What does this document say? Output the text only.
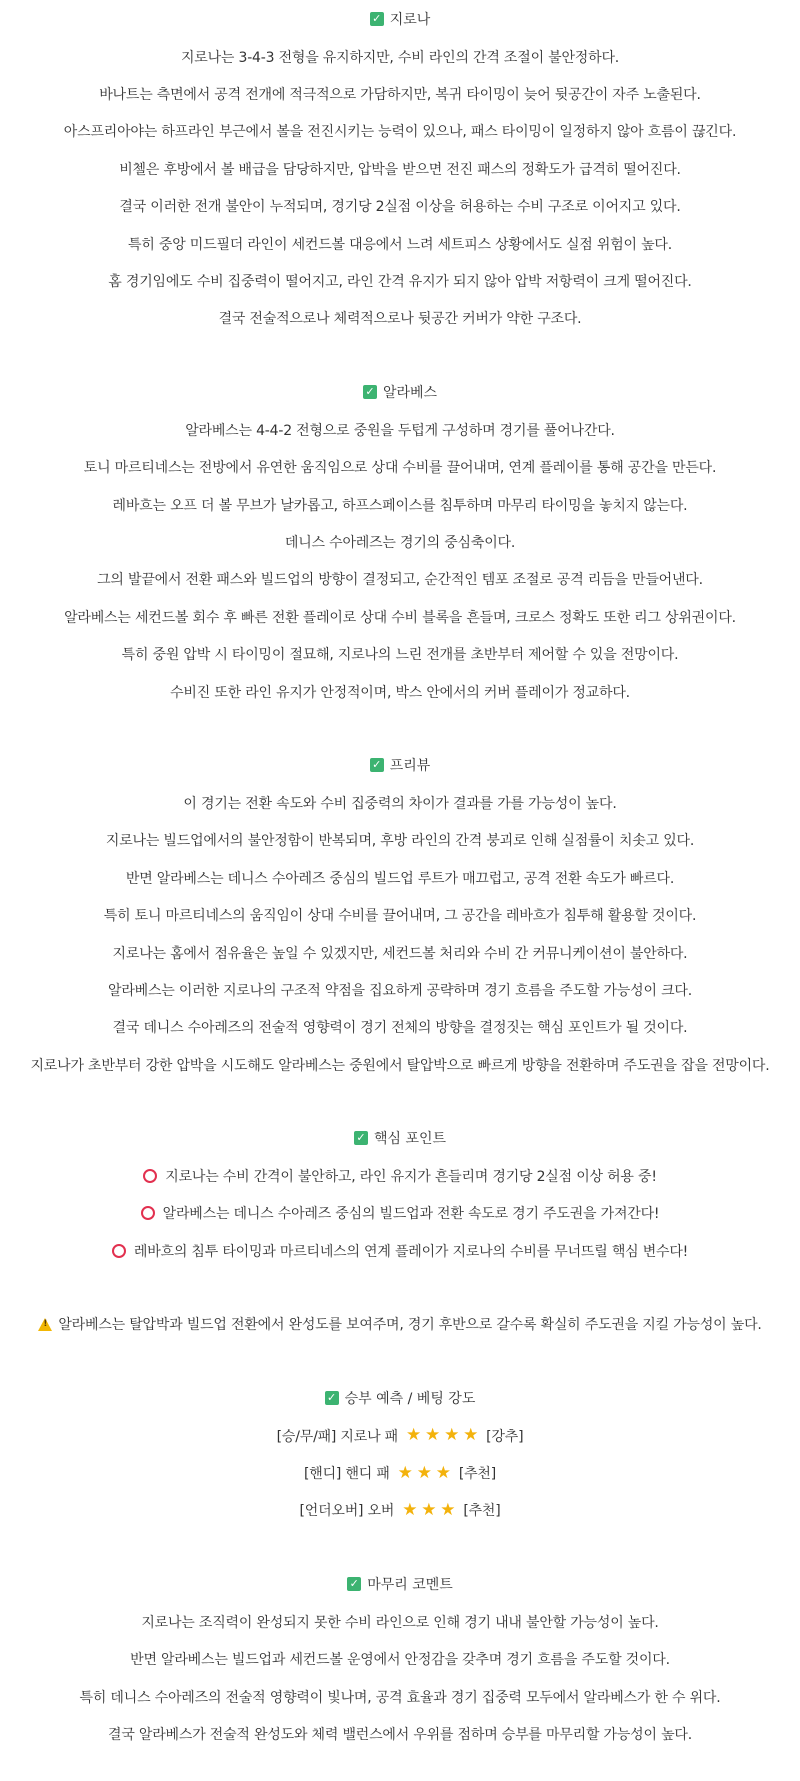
✓ 지로나
지로나는 3-4-3 전형을 유지하지만, 수비 라인의 간격 조절이 불안정하다.
바나트는 측면에서 공격 전개에 적극적으로 가담하지만, 복귀 타이밍이 늦어 뒷공간이 자주 노출된다.
아스프리아야는 하프라인 부근에서 볼을 전진시키는 능력이 있으나, 패스 타이밍이 일정하지 않아 흐름이 끊긴다.
비첼은 후방에서 볼 배급을 담당하지만, 압박을 받으면 전진 패스의 정확도가 급격히 떨어진다.
결국 이러한 전개 불안이 누적되며, 경기당 2실점 이상을 허용하는 수비 구조로 이어지고 있다.
특히 중앙 미드필더 라인이 세컨드볼 대응에서 느려 세트피스 상황에서도 실점 위험이 높다.
홈 경기임에도 수비 집중력이 떨어지고, 라인 간격 유지가 되지 않아 압박 저항력이 크게 떨어진다.
결국 전술적으로나 체력적으로나 뒷공간 커버가 약한 구조다.
✓ 알라베스
알라베스는 4-4-2 전형으로 중원을 두텁게 구성하며 경기를 풀어나간다.
토니 마르티네스는 전방에서 유연한 움직임으로 상대 수비를 끌어내며, 연계 플레이를 통해 공간을 만든다.
레바흐는 오프 더 볼 무브가 날카롭고, 하프스페이스를 침투하며 마무리 타이밍을 놓치지 않는다.
데니스 수아레즈는 경기의 중심축이다.
그의 발끝에서 전환 패스와 빌드업의 방향이 결정되고, 순간적인 템포 조절로 공격 리듬을 만들어낸다.
알라베스는 세컨드볼 회수 후 빠른 전환 플레이로 상대 수비 블록을 흔들며, 크로스 정확도 또한 리그 상위권이다.
특히 중원 압박 시 타이밍이 절묘해, 지로나의 느린 전개를 초반부터 제어할 수 있을 전망이다.
수비진 또한 라인 유지가 안정적이며, 박스 안에서의 커버 플레이가 정교하다.
✓ 프리뷰
이 경기는 전환 속도와 수비 집중력의 차이가 결과를 가를 가능성이 높다.
지로나는 빌드업에서의 불안정함이 반복되며, 후방 라인의 간격 붕괴로 인해 실점률이 치솟고 있다.
반면 알라베스는 데니스 수아레즈 중심의 빌드업 루트가 매끄럽고, 공격 전환 속도가 빠르다.
특히 토니 마르티네스의 움직임이 상대 수비를 끌어내며, 그 공간을 레바흐가 침투해 활용할 것이다.
지로나는 홈에서 점유율은 높일 수 있겠지만, 세컨드볼 처리와 수비 간 커뮤니케이션이 불안하다.
알라베스는 이러한 지로나의 구조적 약점을 집요하게 공략하며 경기 흐름을 주도할 가능성이 크다.
결국 데니스 수아레즈의 전술적 영향력이 경기 전체의 방향을 결정짓는 핵심 포인트가 될 것이다.
지로나가 초반부터 강한 압박을 시도해도 알라베스는 중원에서 탈압박으로 빠르게 방향을 전환하며 주도권을 잡을 전망이다.
✓ 핵심 포인트
지로나는 수비 간격이 불안하고, 라인 유지가 흔들리며 경기당 2실점 이상 허용 중!
알라베스는 데니스 수아레즈 중심의 빌드업과 전환 속도로 경기 주도권을 가져간다!
레바흐의 침투 타이밍과 마르티네스의 연계 플레이가 지로나의 수비를 무너뜨릴 핵심 변수다!
!
알라베스는 탈압박과 빌드업 전환에서 완성도를 보여주며, 경기 후반으로 갈수록 확실히 주도권을 지킬 가능성이 높다.
✓ 승부 예측 / 베팅 강도
[승/무/패] 지로나 패 ★ ★ ★ ★ [강추]
[핸디] 핸디 패 ★ ★ ★ [추천]
[언더오버] 오버 ★ ★ ★ [추천]
✓ 마무리 코멘트
지로나는 조직력이 완성되지 못한 수비 라인으로 인해 경기 내내 불안할 가능성이 높다.
반면 알라베스는 빌드업과 세컨드볼 운영에서 안정감을 갖추며 경기 흐름을 주도할 것이다.
특히 데니스 수아레즈의 전술적 영향력이 빛나며, 공격 효율과 경기 집중력 모두에서 알라베스가 한 수 위다.
결국 알라베스가 전술적 완성도와 체력 밸런스에서 우위를 점하며 승부를 마무리할 가능성이 높다.
